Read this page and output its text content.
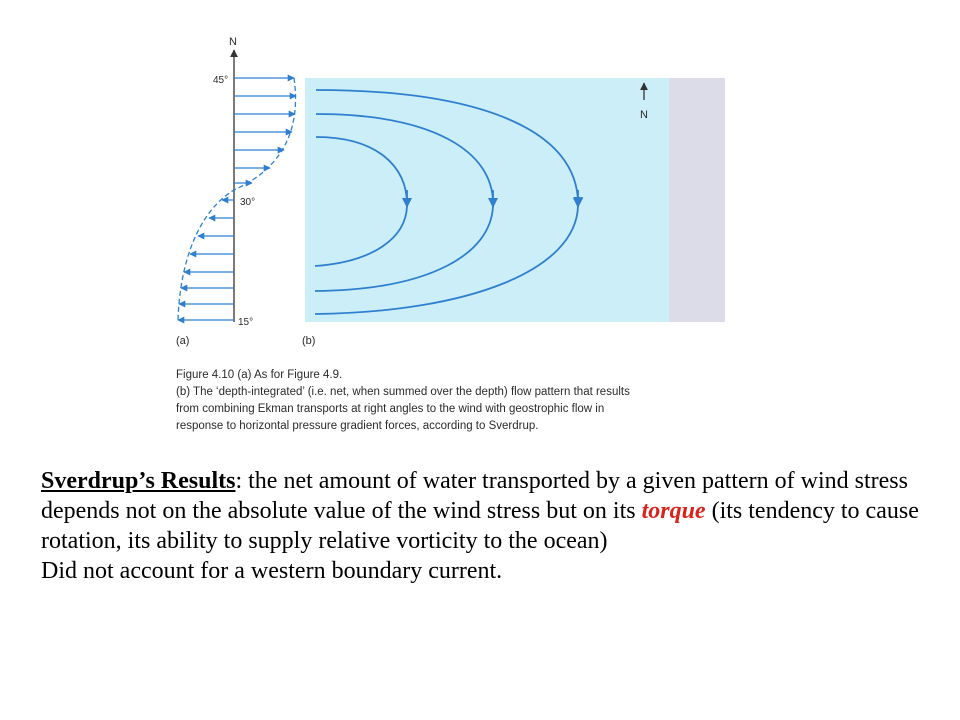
N
45°
30°
15°
(a)
N
(b)
Figure 4.10 (a) As for Figure 4.9.
(b) The ‘depth-integrated’ (i.e. net, when summed over the depth) flow pattern that results
from combining Ekman transports at right angles to the wind with geostrophic flow in
response to horizontal pressure gradient forces, according to Sverdrup.

Sverdrup’s Results: the net amount of water transported by a given pattern of wind stress depends not on the absolute value of the wind stress but on its torque (its tendency to cause rotation, its ability to supply relative vorticity to the ocean)

Did not account for a western boundary current.
